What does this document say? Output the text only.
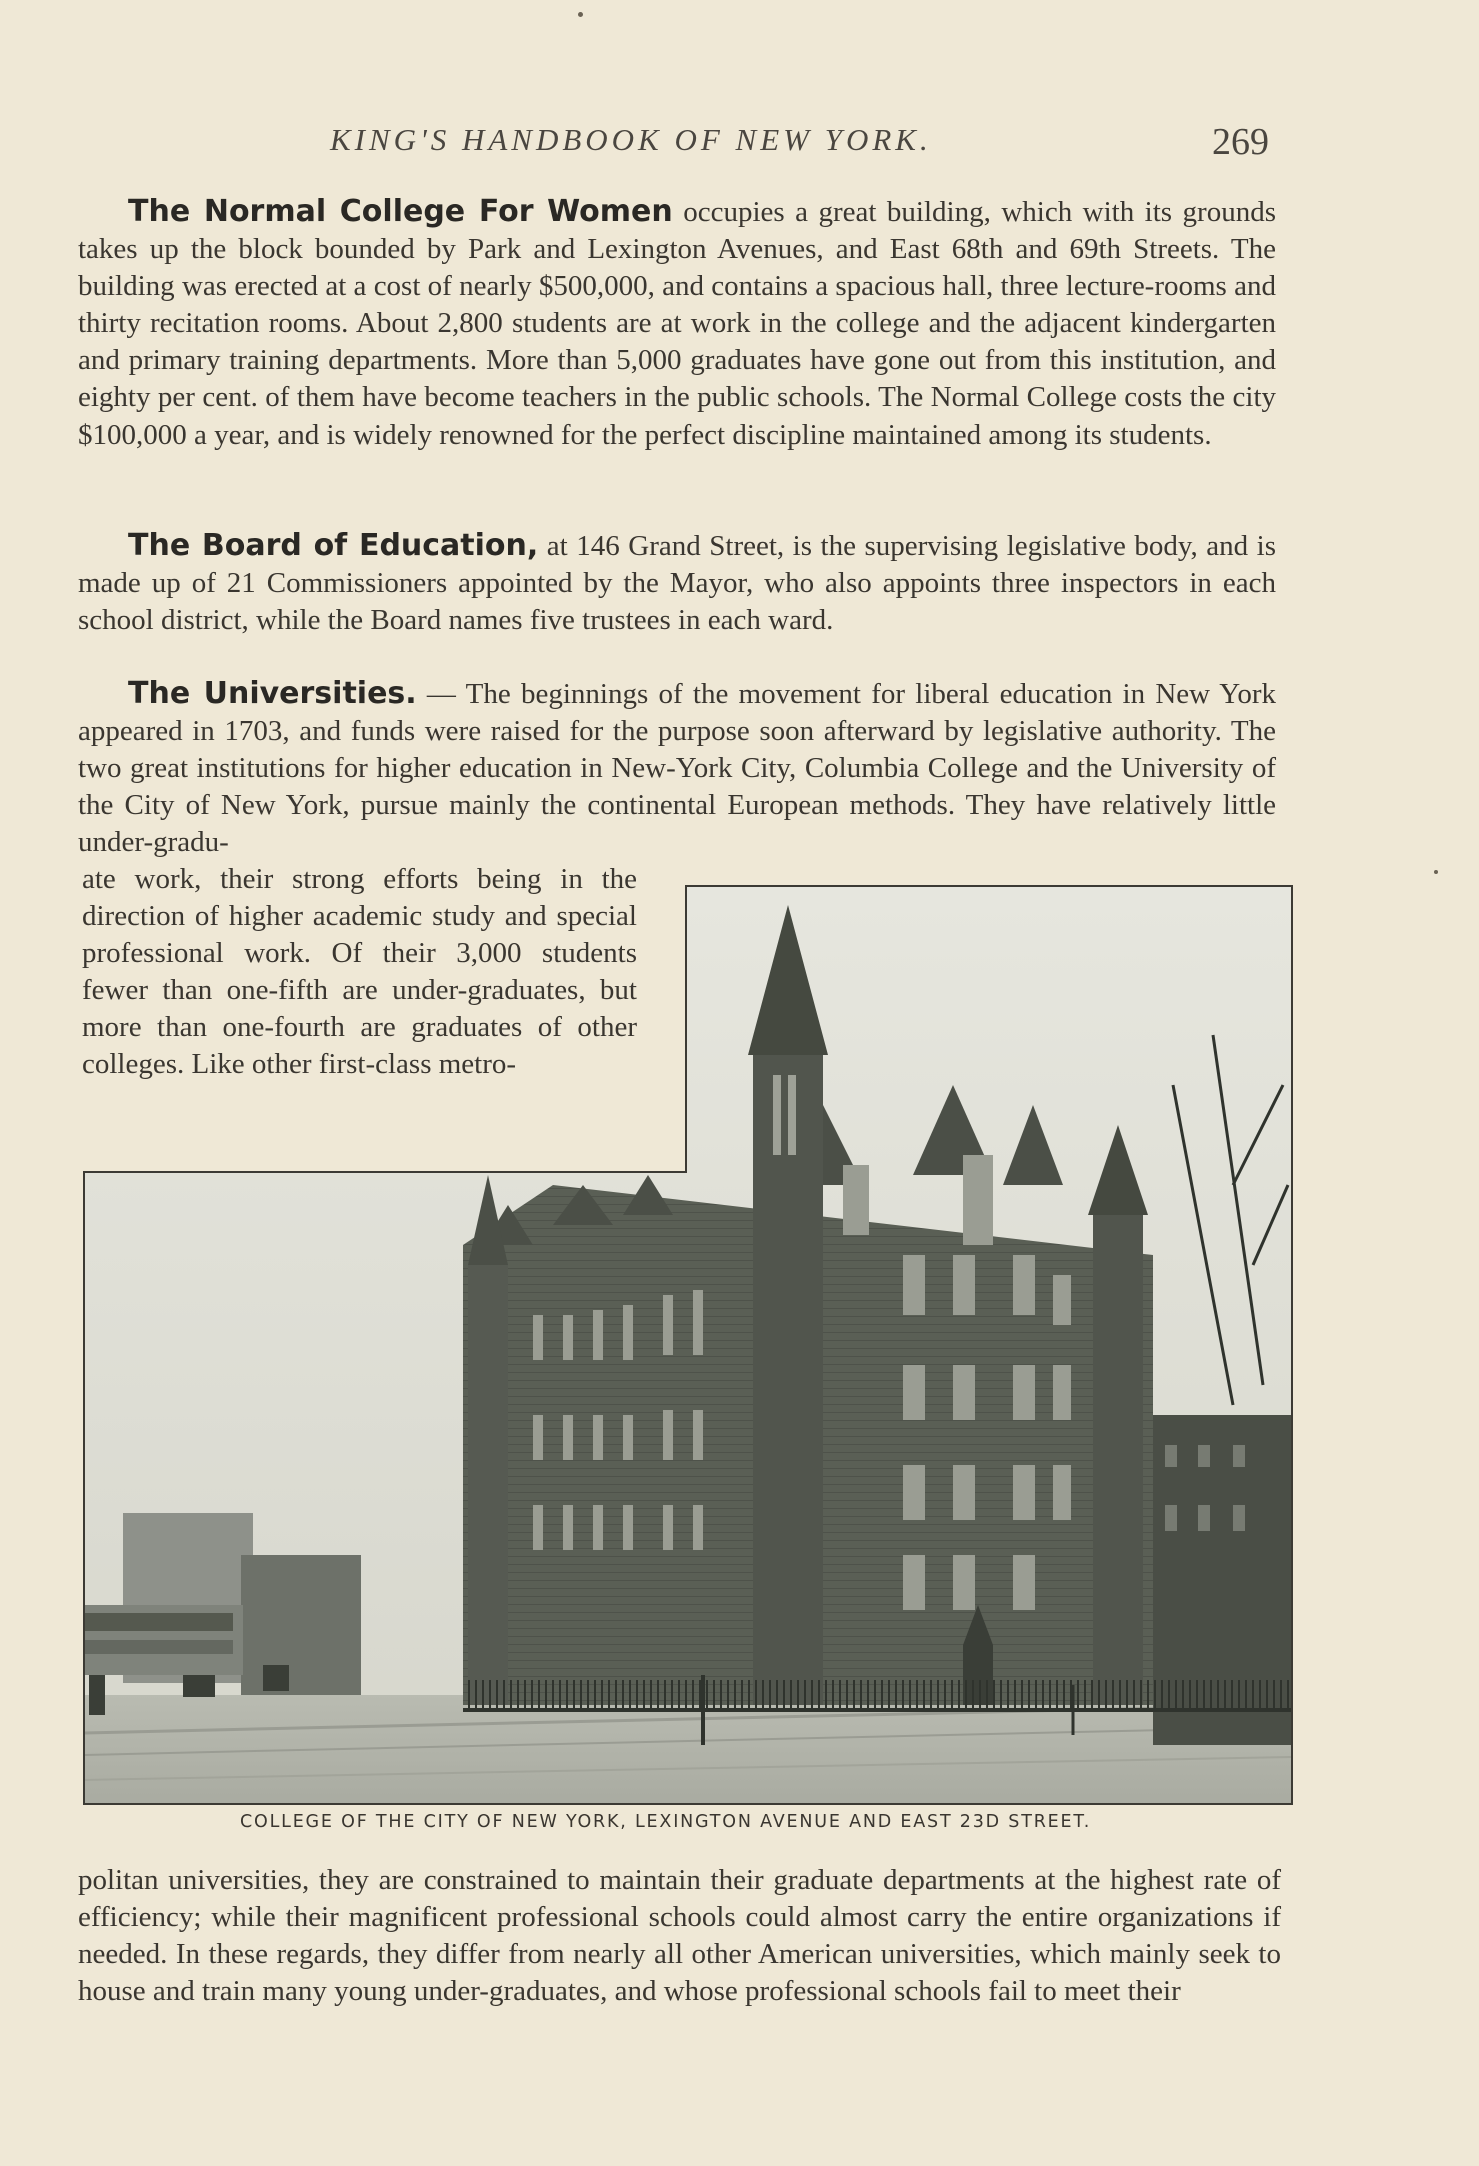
KING'S HANDBOOK OF NEW YORK.	269
The Normal College For Women occupies a great building, which with its grounds takes up the block bounded by Park and Lexington Avenues, and East 68th and 69th Streets. The building was erected at a cost of nearly $500,000, and contains a spacious hall, three lecture-rooms and thirty recitation rooms. About 2,800 students are at work in the college and the adjacent kindergarten and primary training departments. More than 5,000 graduates have gone out from this institution, and eighty per cent. of them have become teachers in the public schools. The Normal College costs the city $100,000 a year, and is widely renowned for the perfect discipline maintained among its students.
The Board of Education, at 146 Grand Street, is the supervising legislative body, and is made up of 21 Commissioners appointed by the Mayor, who also appoints three inspectors in each school district, while the Board names five trustees in each ward.
The Universities. — The beginnings of the movement for liberal education in New York appeared in 1703, and funds were raised for the purpose soon afterward by legislative authority. The two great institutions for higher education in New-York City, Columbia College and the University of the City of New York, pursue mainly the continental European methods. They have relatively little under-gradu-
ate work, their strong efforts being in the direction of higher academic study and special professional work. Of their 3,000 students fewer than one-fifth are under-graduates, but more than one-fourth are graduates of other colleges. Like other first-class metro-
COLLEGE OF THE CITY OF NEW YORK, LEXINGTON AVENUE AND EAST 23D STREET.
politan universities, they are constrained to maintain their graduate departments at the highest rate of efficiency; while their magnificent professional schools could almost carry the entire organizations if needed. In these regards, they differ from nearly all other American universities, which mainly seek to house and train many young under-graduates, and whose professional schools fail to meet their
